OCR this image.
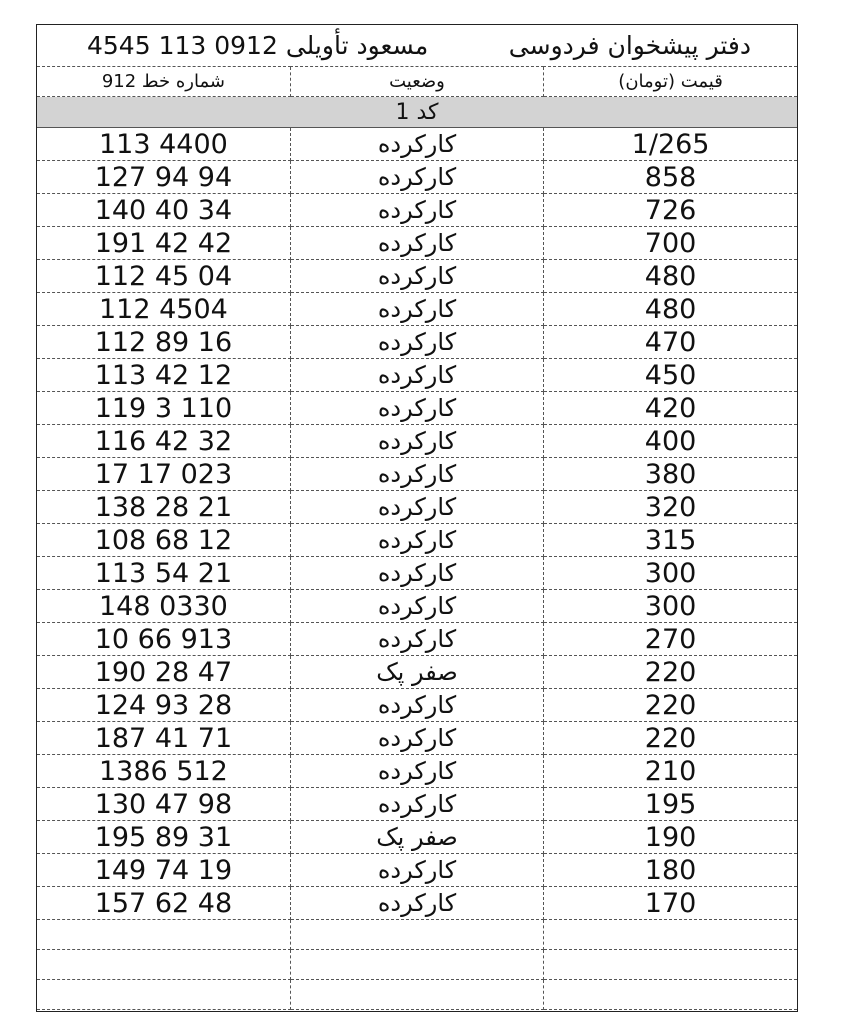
مسعود تأویلی 0912 113 4545 دفتر پیشخوان فردوسی		

شماره خط 912	وضعیت	قیمت (تومان)
کد 1		
113 4400	کارکرده	1/265
127 94 94	کارکرده	858
140 40 34	کارکرده	726
191 42 42	کارکرده	700
112 45 04	کارکرده	480
112 4504	کارکرده	480
112 89 16	کارکرده	470
113 42 12	کارکرده	450
119 3 110	کارکرده	420
116 42 32	کارکرده	400
17 17 023	کارکرده	380
138 28 21	کارکرده	320
108 68 12	کارکرده	315
113 54 21	کارکرده	300
148 0330	کارکرده	300
10 66 913	کارکرده	270
190 28 47	صفر پک	220
124 93 28	کارکرده	220
187 41 71	کارکرده	220
1386 512	کارکرده	210
130 47 98	کارکرده	195
195 89 31	صفر پک	190
149 74 19	کارکرده	180
157 62 48	کارکرده	170
